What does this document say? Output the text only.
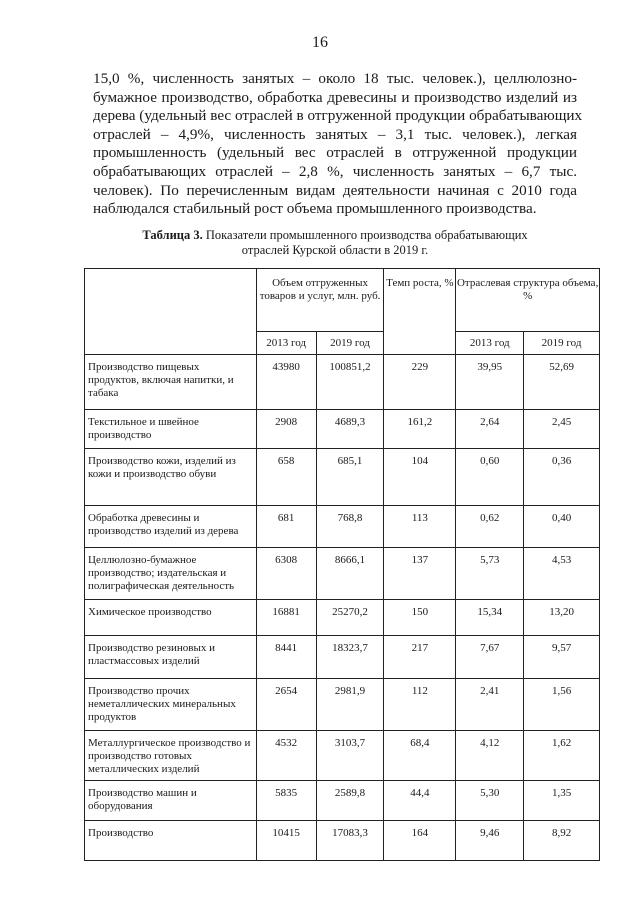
16
15,0 %, численность занятых – около 18 тыс. человек.), целлюлозно-
бумажное производство, обработка древесины и производство изделий из
дерева (удельный вес отраслей в отгруженной продукции обрабатывающих
отраслей – 4,9%, численность занятых – 3,1 тыс. человек.), легкая
промышленность (удельный вес отраслей в отгруженной продукции
обрабатывающих отраслей – 2,8 %, численность занятых – 6,7 тыс.
человек). По перечисленным видам деятельности начиная с 2010 года
наблюдался стабильный рост объема промышленного производства.
Таблица 3. Показатели промышленного производства обрабатывающих
отраслей Курской области в 2019 г.
	Объем отгруженных товаров и услуг, млн. руб.		Темп роста, %	Отраслевая структура объема, %	
	2013 год	2019 год		2013 год	2019 год
Производство пищевых продуктов, включая напитки, и табака	43980	100851,2	229	39,95	52,69
Текстильное и швейное производство	2908	4689,3	161,2	2,64	2,45
Производство кожи, изделий из кожи и производство обуви	658	685,1	104	0,60	0,36
Обработка древесины и производство изделий из дерева	681	768,8	113	0,62	0,40
Целлюлозно-бумажное производство; издательская и полиграфическая деятельность	6308	8666,1	137	5,73	4,53
Химическое производство	16881	25270,2	150	15,34	13,20
Производство резиновых и пластмассовых изделий	8441	18323,7	217	7,67	9,57
Производство прочих неметаллических минеральных продуктов	2654	2981,9	112	2,41	1,56
Металлургическое производство и производство готовых металлических изделий	4532	3103,7	68,4	4,12	1,62
Производство машин и оборудования	5835	2589,8	44,4	5,30	1,35
Производство	10415	17083,3	164	9,46	8,92
